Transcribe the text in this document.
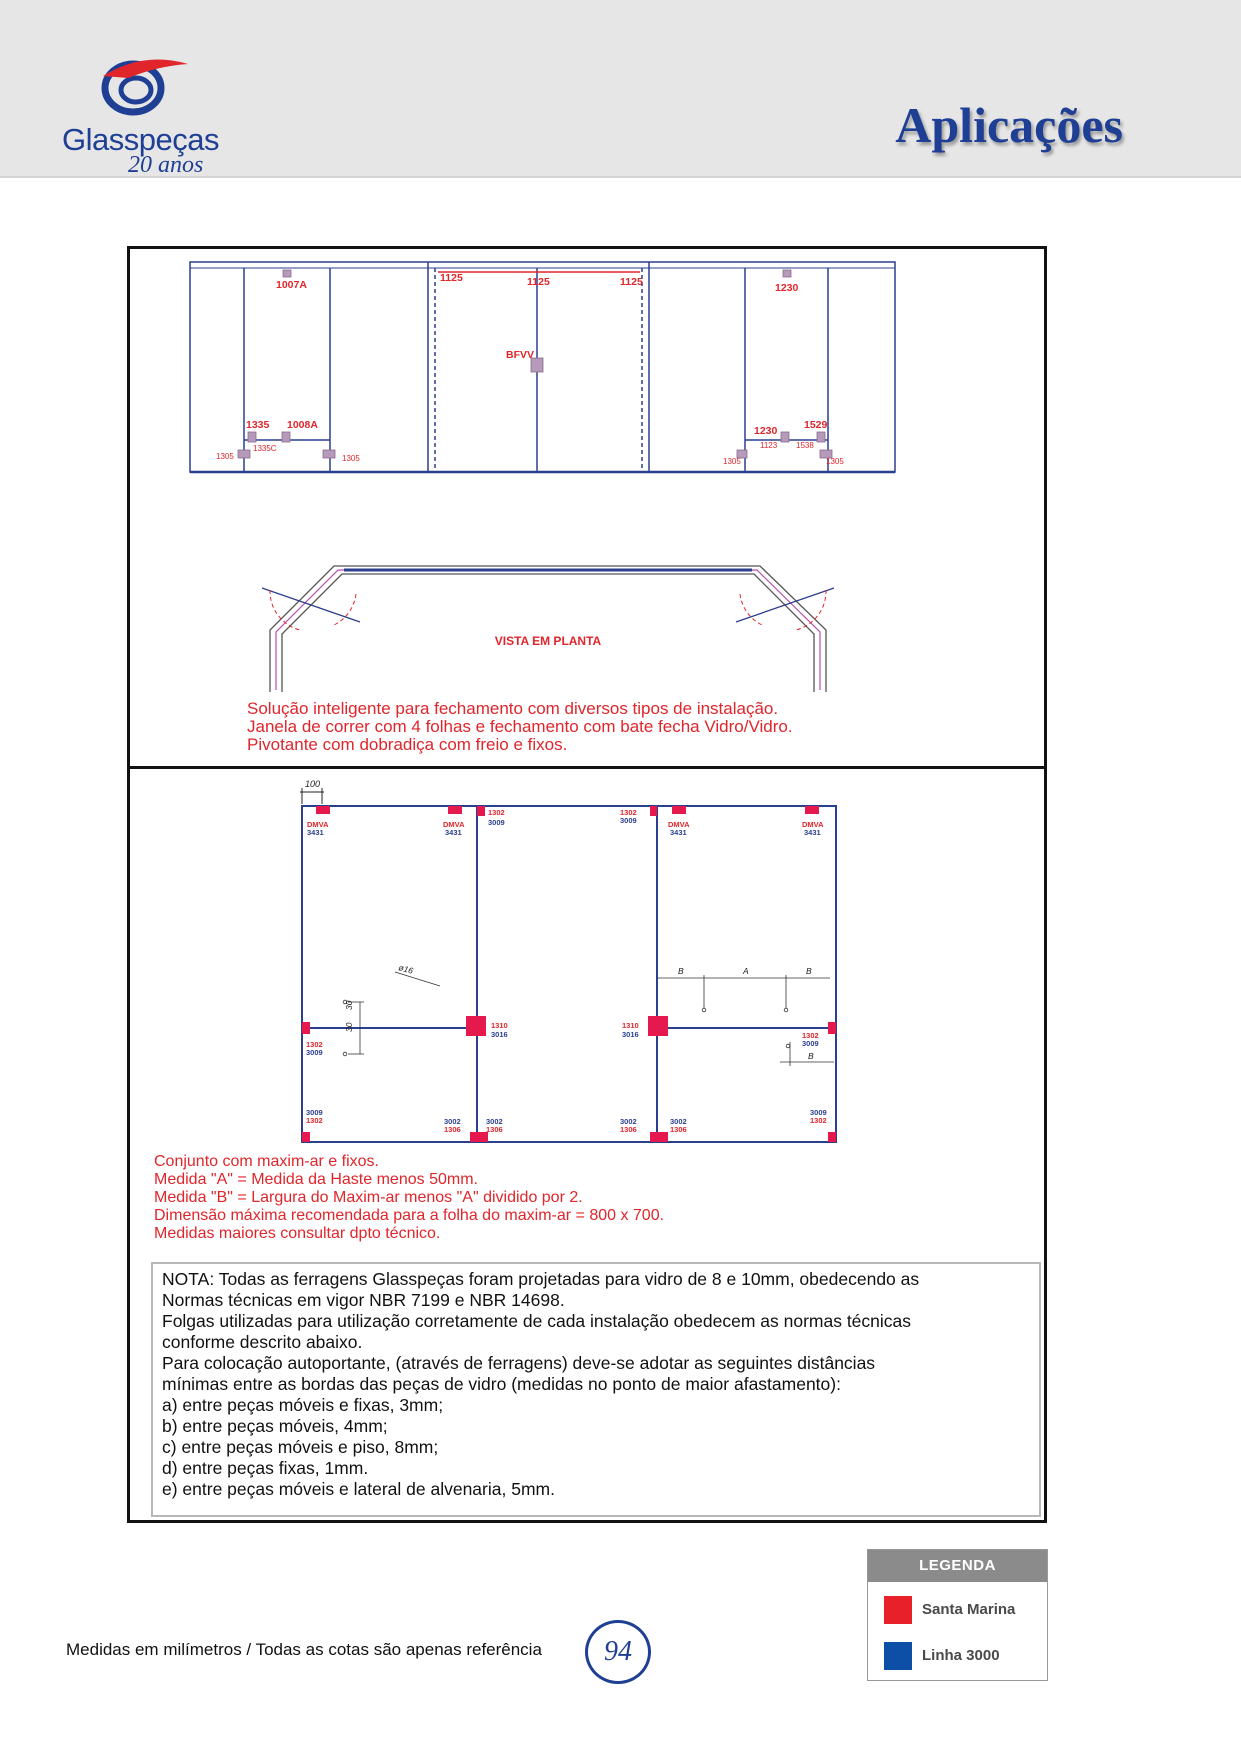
Glasspeças
20 anos
Aplicações
1007A
1125	1125	1125	1230
BFVV
1335 1008A	1230	1529
1305
1335C
1305
1123 1538
1305	1305
VISTA EM PLANTA
Solução inteligente para fechamento com diversos tipos de instalação.
Janela de correr com 4 folhas e fechamento com bate fecha Vidro/Vidro.
Pivotante com dobradiça com freio e fixos.
100
DMVA
3431
DMVA
3431
1302
3009
1302
3009	DMVA
3431
DMVA
3431
1302
3009
1310
3016
1310
3016	1302
3009
3009
1302	3002
1306
3002
1306
3002
1306
3002
1306
3009
1302
30
30
ø16	B	A	B
B
Conjunto com maxim-ar e fixos.
Medida "A" = Medida da Haste menos 50mm.
Medida "B" = Largura do Maxim-ar menos "A" dividido por 2.
Dimensão máxima recomendada para a folha do maxim-ar = 800 x 700.
Medidas maiores consultar dpto técnico.
NOTA: Todas as ferragens Glasspeças foram projetadas para vidro de 8 e 10mm, obedecendo as
Normas técnicas em vigor NBR 7199 e NBR 14698.
Folgas utilizadas para utilização corretamente de cada instalação obedecem as normas técnicas
conforme descrito abaixo.
Para colocação autoportante, (através de ferragens) deve-se adotar as seguintes distâncias
mínimas entre as bordas das peças de vidro (medidas no ponto de maior afastamento):
a) entre peças móveis e fixas, 3mm;
b) entre peças móveis, 4mm;
c) entre peças móveis e piso, 8mm;
d) entre peças fixas, 1mm.
e) entre peças móveis e lateral de alvenaria, 5mm.
Medidas em milímetros / Todas as cotas são apenas referência	94
LEGENDA
Santa Marina
Linha 3000
